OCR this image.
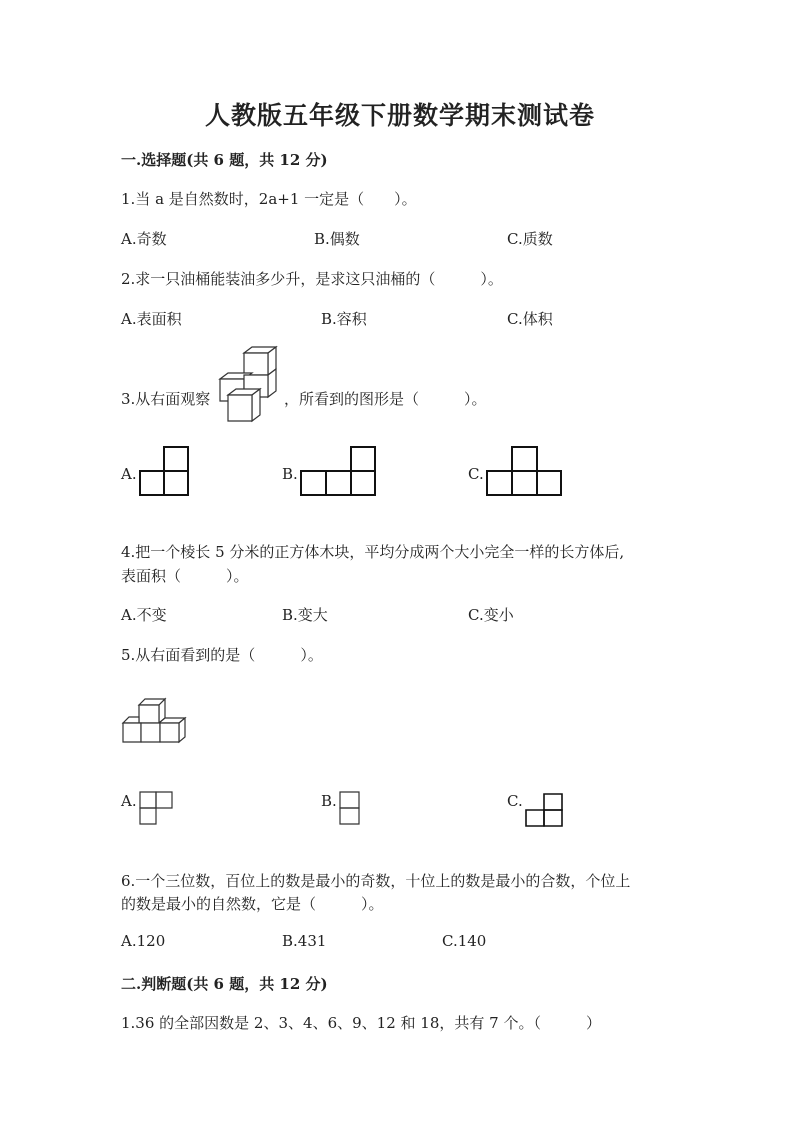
人教版五年级下册数学期末测试卷
一.选择题(共 6 题，共 12 分)
1.当 a 是自然数时，2a+1 一定是（　　）。
A.奇数	B.偶数	C.质数
2.求一只油桶能装油多少升，是求这只油桶的（　　　）。
A.表面积	B.容积	C.体积
3.从右面观察	，所看到的图形是（　　　）。
A.	B.	C.
4.把一个棱长 5 分米的正方体木块，平均分成两个大小完全一样的长方体后,
表面积（　　　）。
A.不变	B.变大	C.变小
5.从右面看到的是（　　　）。
A.	B.	C.
6.一个三位数，百位上的数是最小的奇数，十位上的数是最小的合数，个位上
的数是最小的自然数，它是（　　　）。
A.120	B.431	C.140
二.判断题(共 6 题，共 12 分)
1.36 的全部因数是 2、3、4、6、9、12 和 18，共有 7 个。（　　　）
